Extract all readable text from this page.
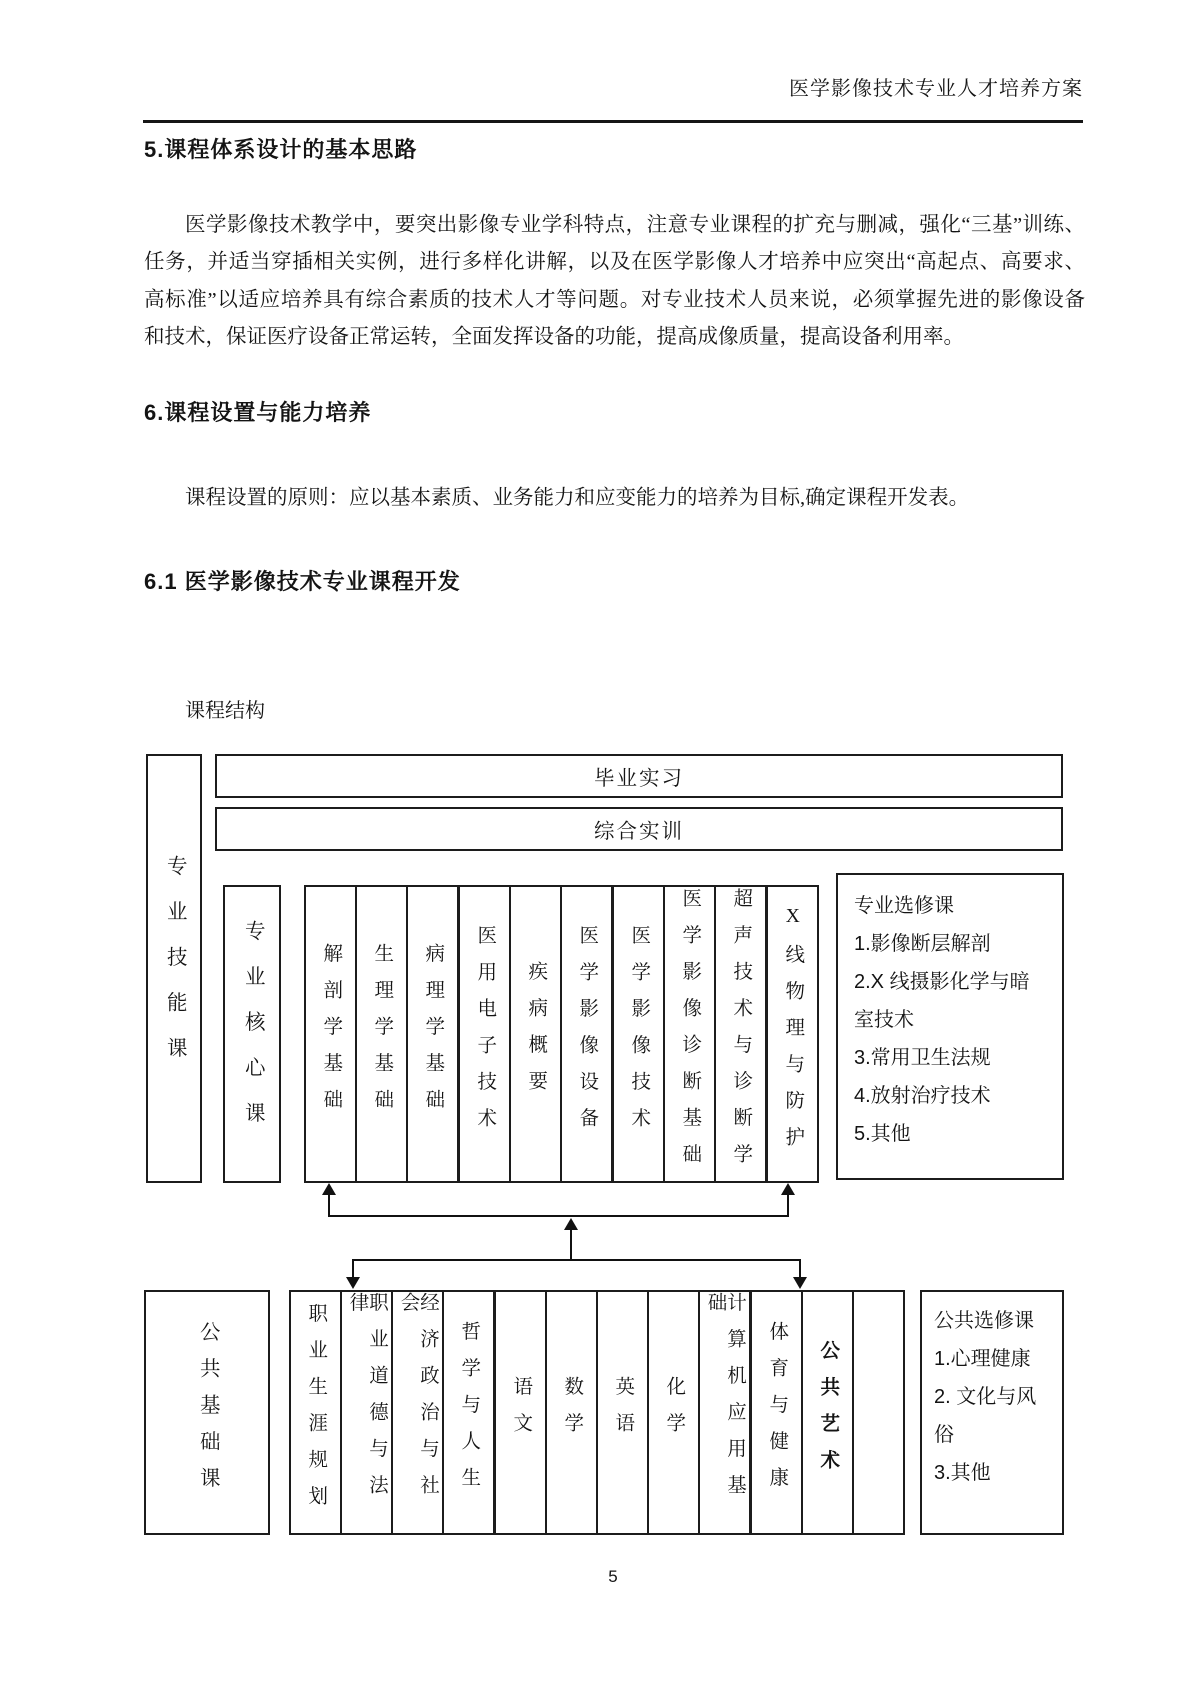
医学影像技术专业人才培养方案
5.课程体系设计的基本思路
医学影像技术教学中，要突出影像专业学科特点，注意专业课程的扩充与删减，强化“三基”训练、
任务，并适当穿插相关实例，进行多样化讲解，以及在医学影像人才培养中应突出“高起点、高要求、
高标准”以适应培养具有综合素质的技术人才等问题。对专业技术人员来说，必须掌握先进的影像设备
和技术，保证医疗设备正常运转，全面发挥设备的功能，提高成像质量，提高设备利用率。
6.课程设置与能力培养
课程设置的原则：应以基本素质、业务能力和应变能力的培养为目标,确定课程开发表。
6.1 医学影像技术专业课程开发
课程结构
专业技能课
毕业实习
综合实训
专业核心课	解剖学基础 生理学基础 病理学基础 医用电子技术 疾病概要 医学影像设备 医学影像技术 医学影像诊断基础 超声技术与诊断学 X线物理与防护	专业选修课
1.影像断层解剖
2.X 线摄影化学与暗室技术
3.常用卫生法规
4.放射治疗技术
5.其他
公共基础课	职业生涯规划	职业道德与法律	经济政治与社会
哲学与人生 语文 数学 英语 化学	计算机应用基础
体育与健康 公共艺术
公共选修课
1.心理健康
2. 文化与风俗
3.其他
5
